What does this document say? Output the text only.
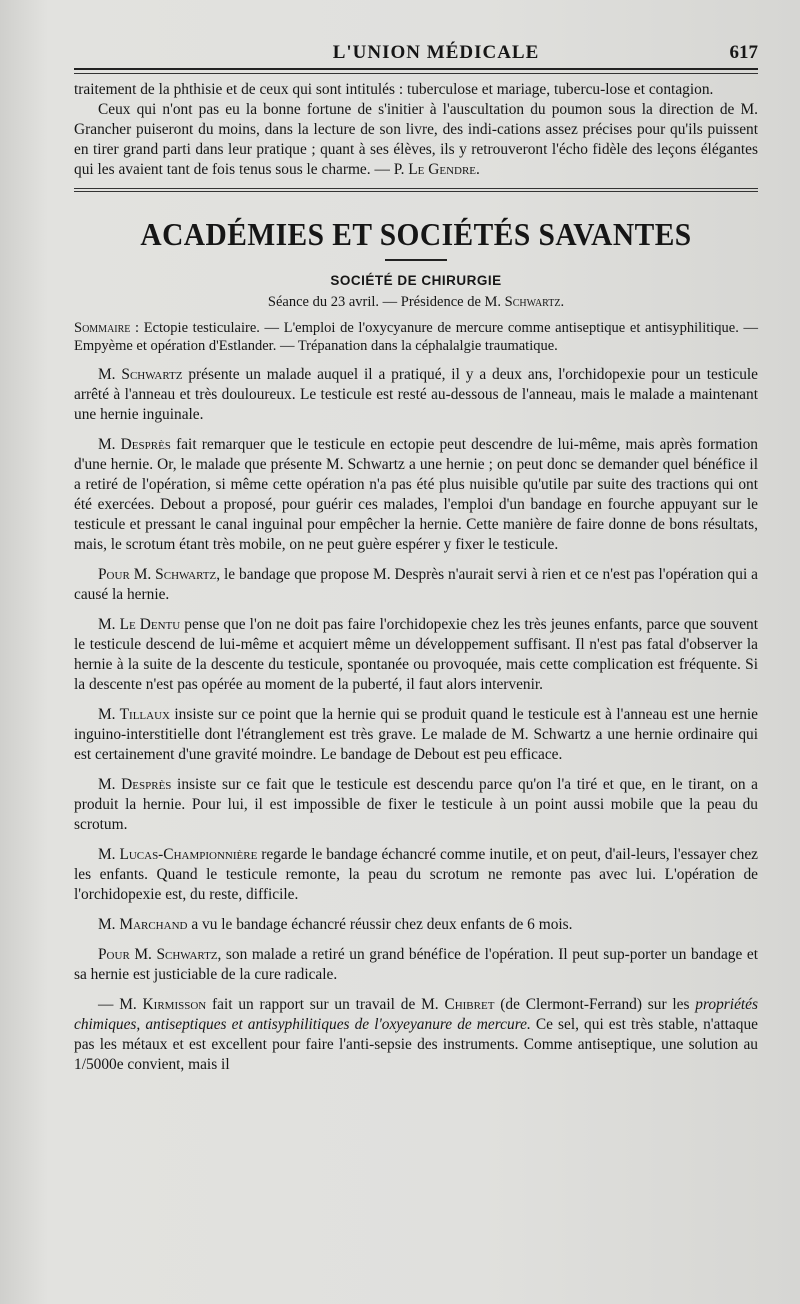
L'UNION MÉDICALE	617

traitement de la phthisie et de ceux qui sont intitulés : tuberculose et mariage, tubercu-lose et contagion.

Ceux qui n'ont pas eu la bonne fortune de s'initier à l'auscultation du poumon sous la direction de M. Grancher puiseront du moins, dans la lecture de son livre, des indi-cations assez précises pour qu'ils puissent en tirer grand parti dans leur pratique ; quant à ses élèves, ils y retrouveront l'écho fidèle des leçons élégantes qui les avaient tant de fois tenus sous le charme. — P. Le Gendre.

ACADÉMIES ET SOCIÉTÉS SAVANTES
SOCIÉTÉ DE CHIRURGIE
Séance du 23 avril. — Présidence de M. Schwartz.

Sommaire : Ectopie testiculaire. — L'emploi de l'oxycyanure de mercure comme antiseptique et antisyphilitique. — Empyème et opération d'Estlander. — Trépanation dans la céphalalgie traumatique.

M. Schwartz présente un malade auquel il a pratiqué, il y a deux ans, l'orchidopexie pour un testicule arrêté à l'anneau et très douloureux. Le testicule est resté au-dessous de l'anneau, mais le malade a maintenant une hernie inguinale.

M. Desprès fait remarquer que le testicule en ectopie peut descendre de lui-même, mais après formation d'une hernie. Or, le malade que présente M. Schwartz a une hernie ; on peut donc se demander quel bénéfice il a retiré de l'opération, si même cette opération n'a pas été plus nuisible qu'utile par suite des tractions qui ont été exercées. Debout a proposé, pour guérir ces malades, l'emploi d'un bandage en fourche appuyant sur le testicule et pressant le canal inguinal pour empêcher la hernie. Cette manière de faire donne de bons résultats, mais, le scrotum étant très mobile, on ne peut guère espérer y fixer le testicule.

Pour M. Schwartz, le bandage que propose M. Desprès n'aurait servi à rien et ce n'est pas l'opération qui a causé la hernie.

M. Le Dentu pense que l'on ne doit pas faire l'orchidopexie chez les très jeunes enfants, parce que souvent le testicule descend de lui-même et acquiert même un développement suffisant. Il n'est pas fatal d'observer la hernie à la suite de la descente du testicule, spontanée ou provoquée, mais cette complication est fréquente. Si la descente n'est pas opérée au moment de la puberté, il faut alors intervenir.

M. Tillaux insiste sur ce point que la hernie qui se produit quand le testicule est à l'anneau est une hernie inguino-interstitielle dont l'étranglement est très grave. Le malade de M. Schwartz a une hernie ordinaire qui est certainement d'une gravité moindre. Le bandage de Debout est peu efficace.

M. Desprès insiste sur ce fait que le testicule est descendu parce qu'on l'a tiré et que, en le tirant, on a produit la hernie. Pour lui, il est impossible de fixer le testicule à un point aussi mobile que la peau du scrotum.

M. Lucas-Championnière regarde le bandage échancré comme inutile, et on peut, d'ail-leurs, l'essayer chez les enfants. Quand le testicule remonte, la peau du scrotum ne remonte pas avec lui. L'opération de l'orchidopexie est, du reste, difficile.

M. Marchand a vu le bandage échancré réussir chez deux enfants de 6 mois.

Pour M. Schwartz, son malade a retiré un grand bénéfice de l'opération. Il peut sup-porter un bandage et sa hernie est justiciable de la cure radicale.

— M. Kirmisson fait un rapport sur un travail de M. Chibret (de Clermont-Ferrand) sur les propriétés chimiques, antiseptiques et antisyphilitiques de l'oxyeyanure de mercure. Ce sel, qui est très stable, n'attaque pas les métaux et est excellent pour faire l'anti-sepsie des instruments. Comme antiseptique, une solution au 1/5000e convient, mais il
